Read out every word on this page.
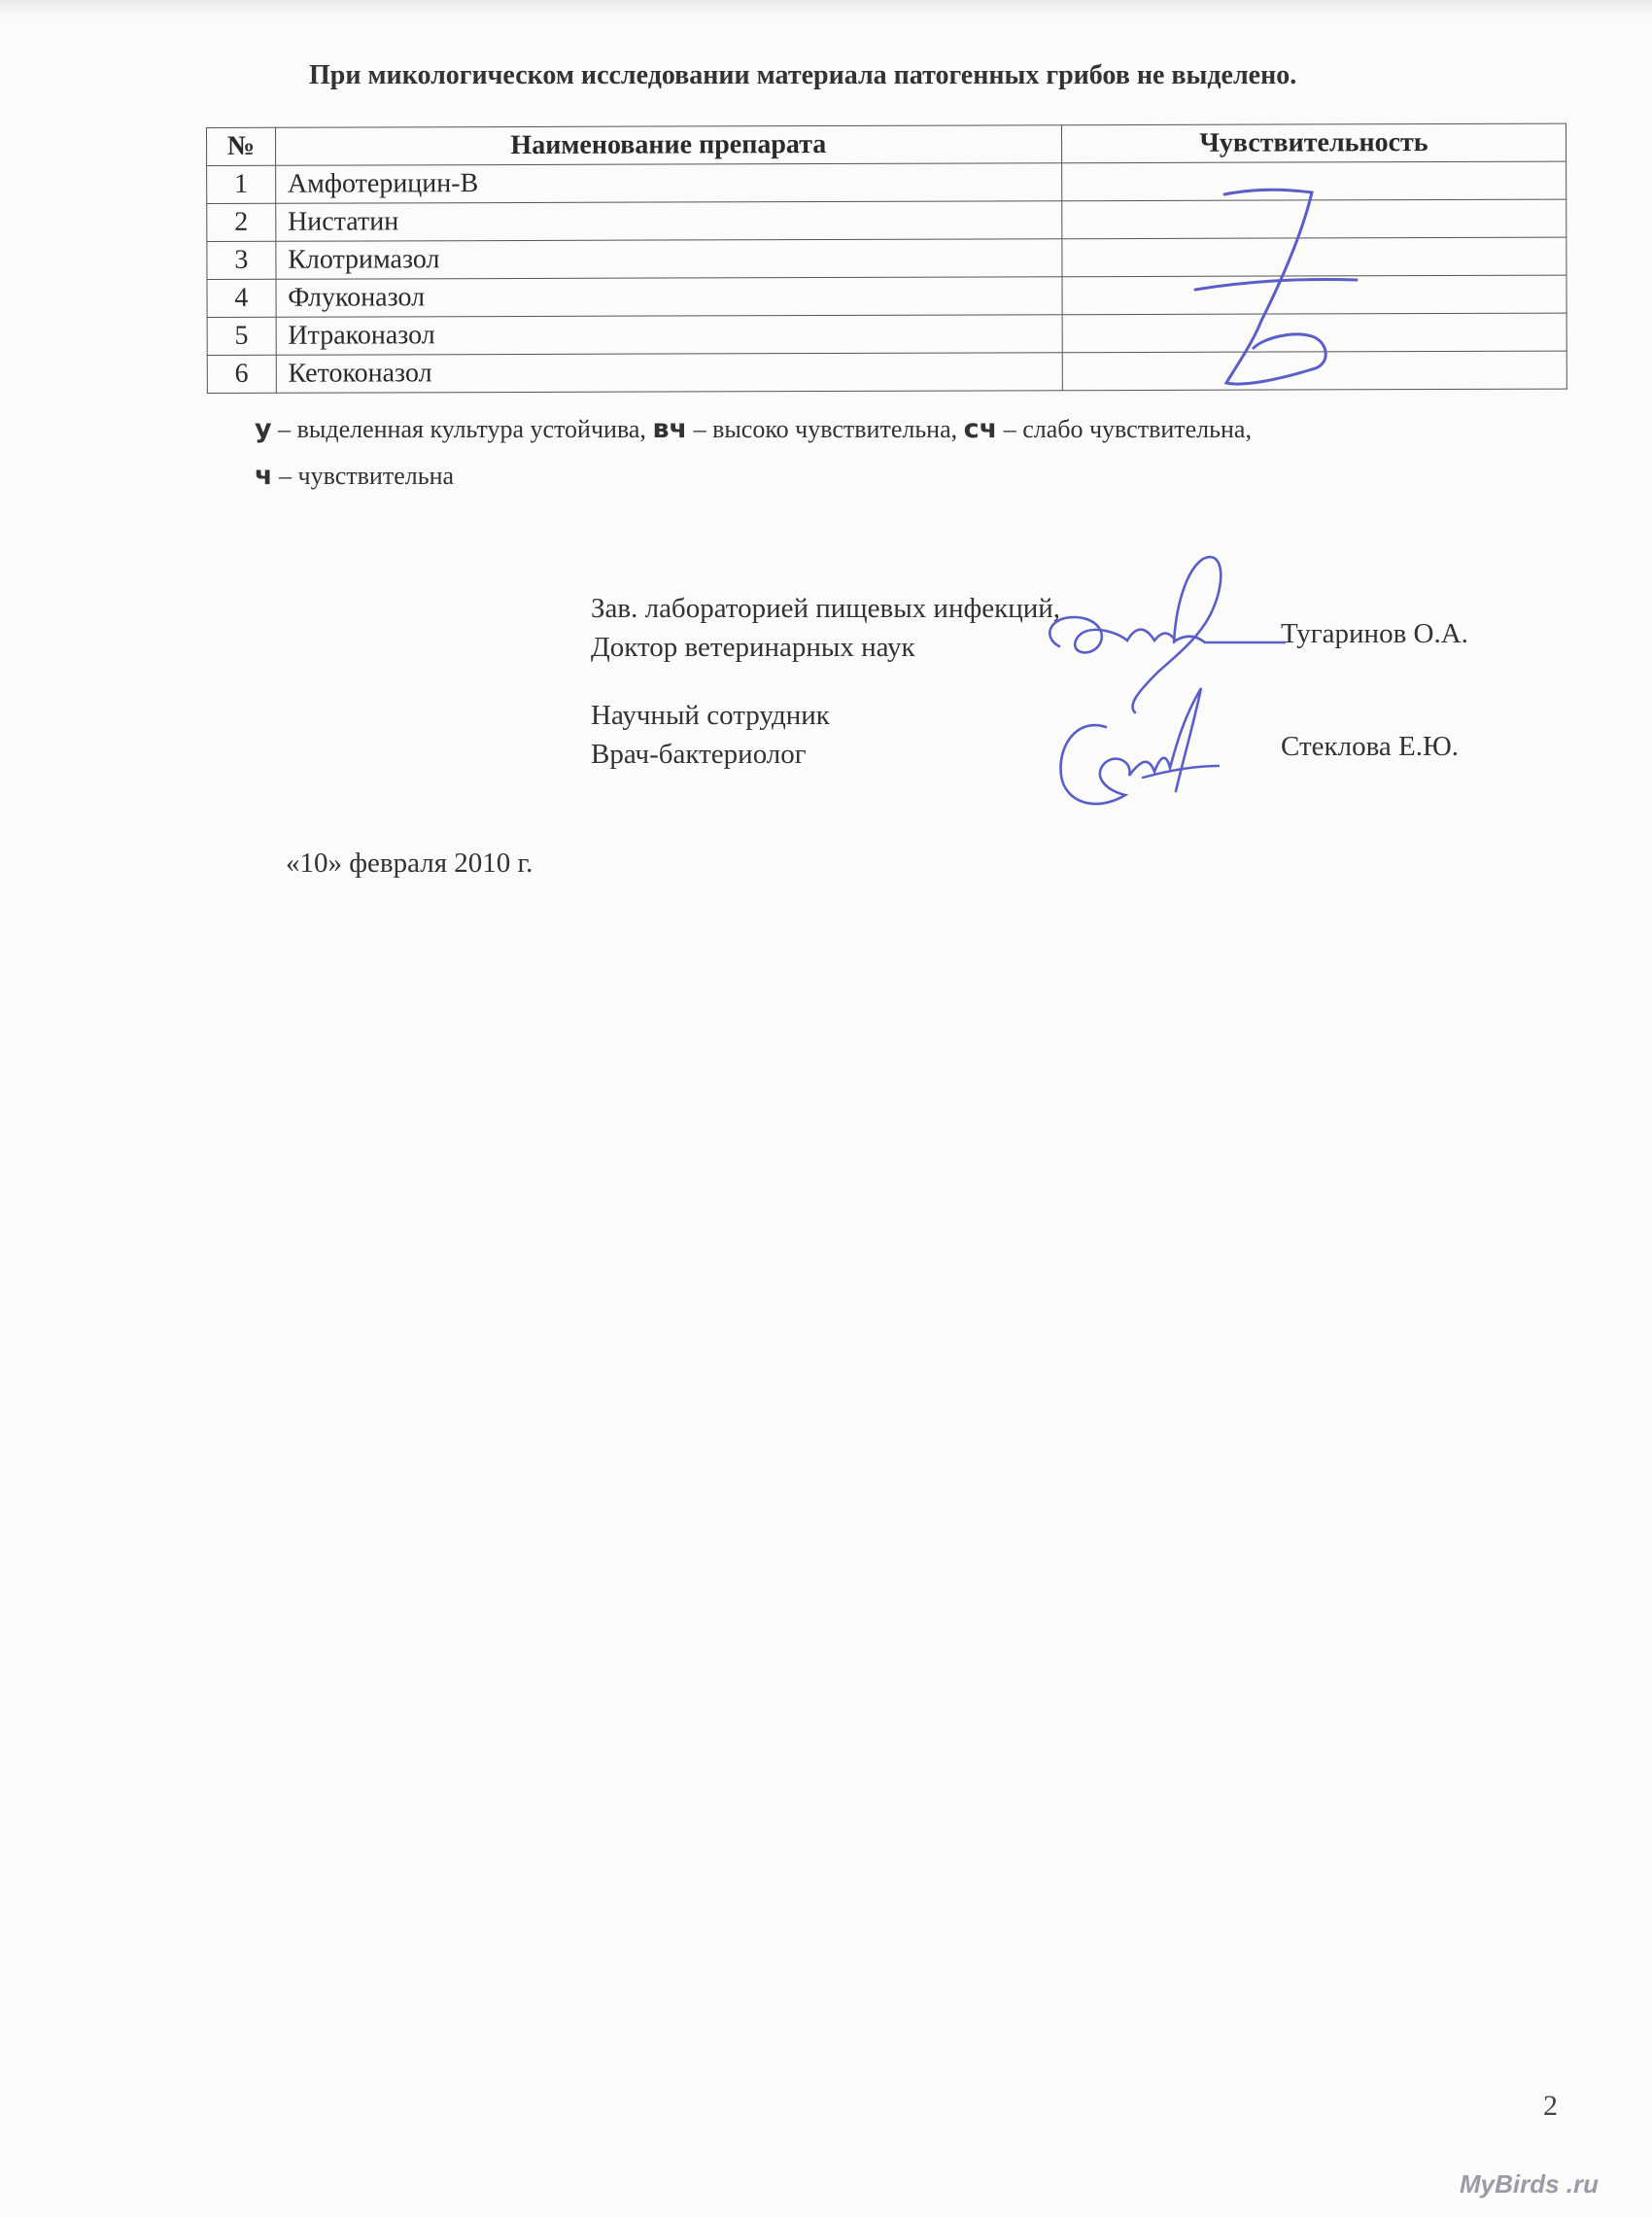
При микологическом исследовании материала патогенных грибов не выделено.
№	Наименование препарата	Чувствительность
1	Амфотерицин-В	
2	Нистатин	
3	Клотримазол	
4	Флуконазол	
5	Итраконазол	
6	Кетоконазол	
у – выделенная культура устойчива, вч – высоко чувствительна, сч – слабо чувствительна,
ч – чувствительна
Зав. лабораторией пищевых инфекций,
Доктор ветеринарных наук	Тугаринов О.А.
Научный сотрудник
Врач-бактериолог	Стеклова Е.Ю.
«10» февраля 2010 г.
2
MyBirds .ru
